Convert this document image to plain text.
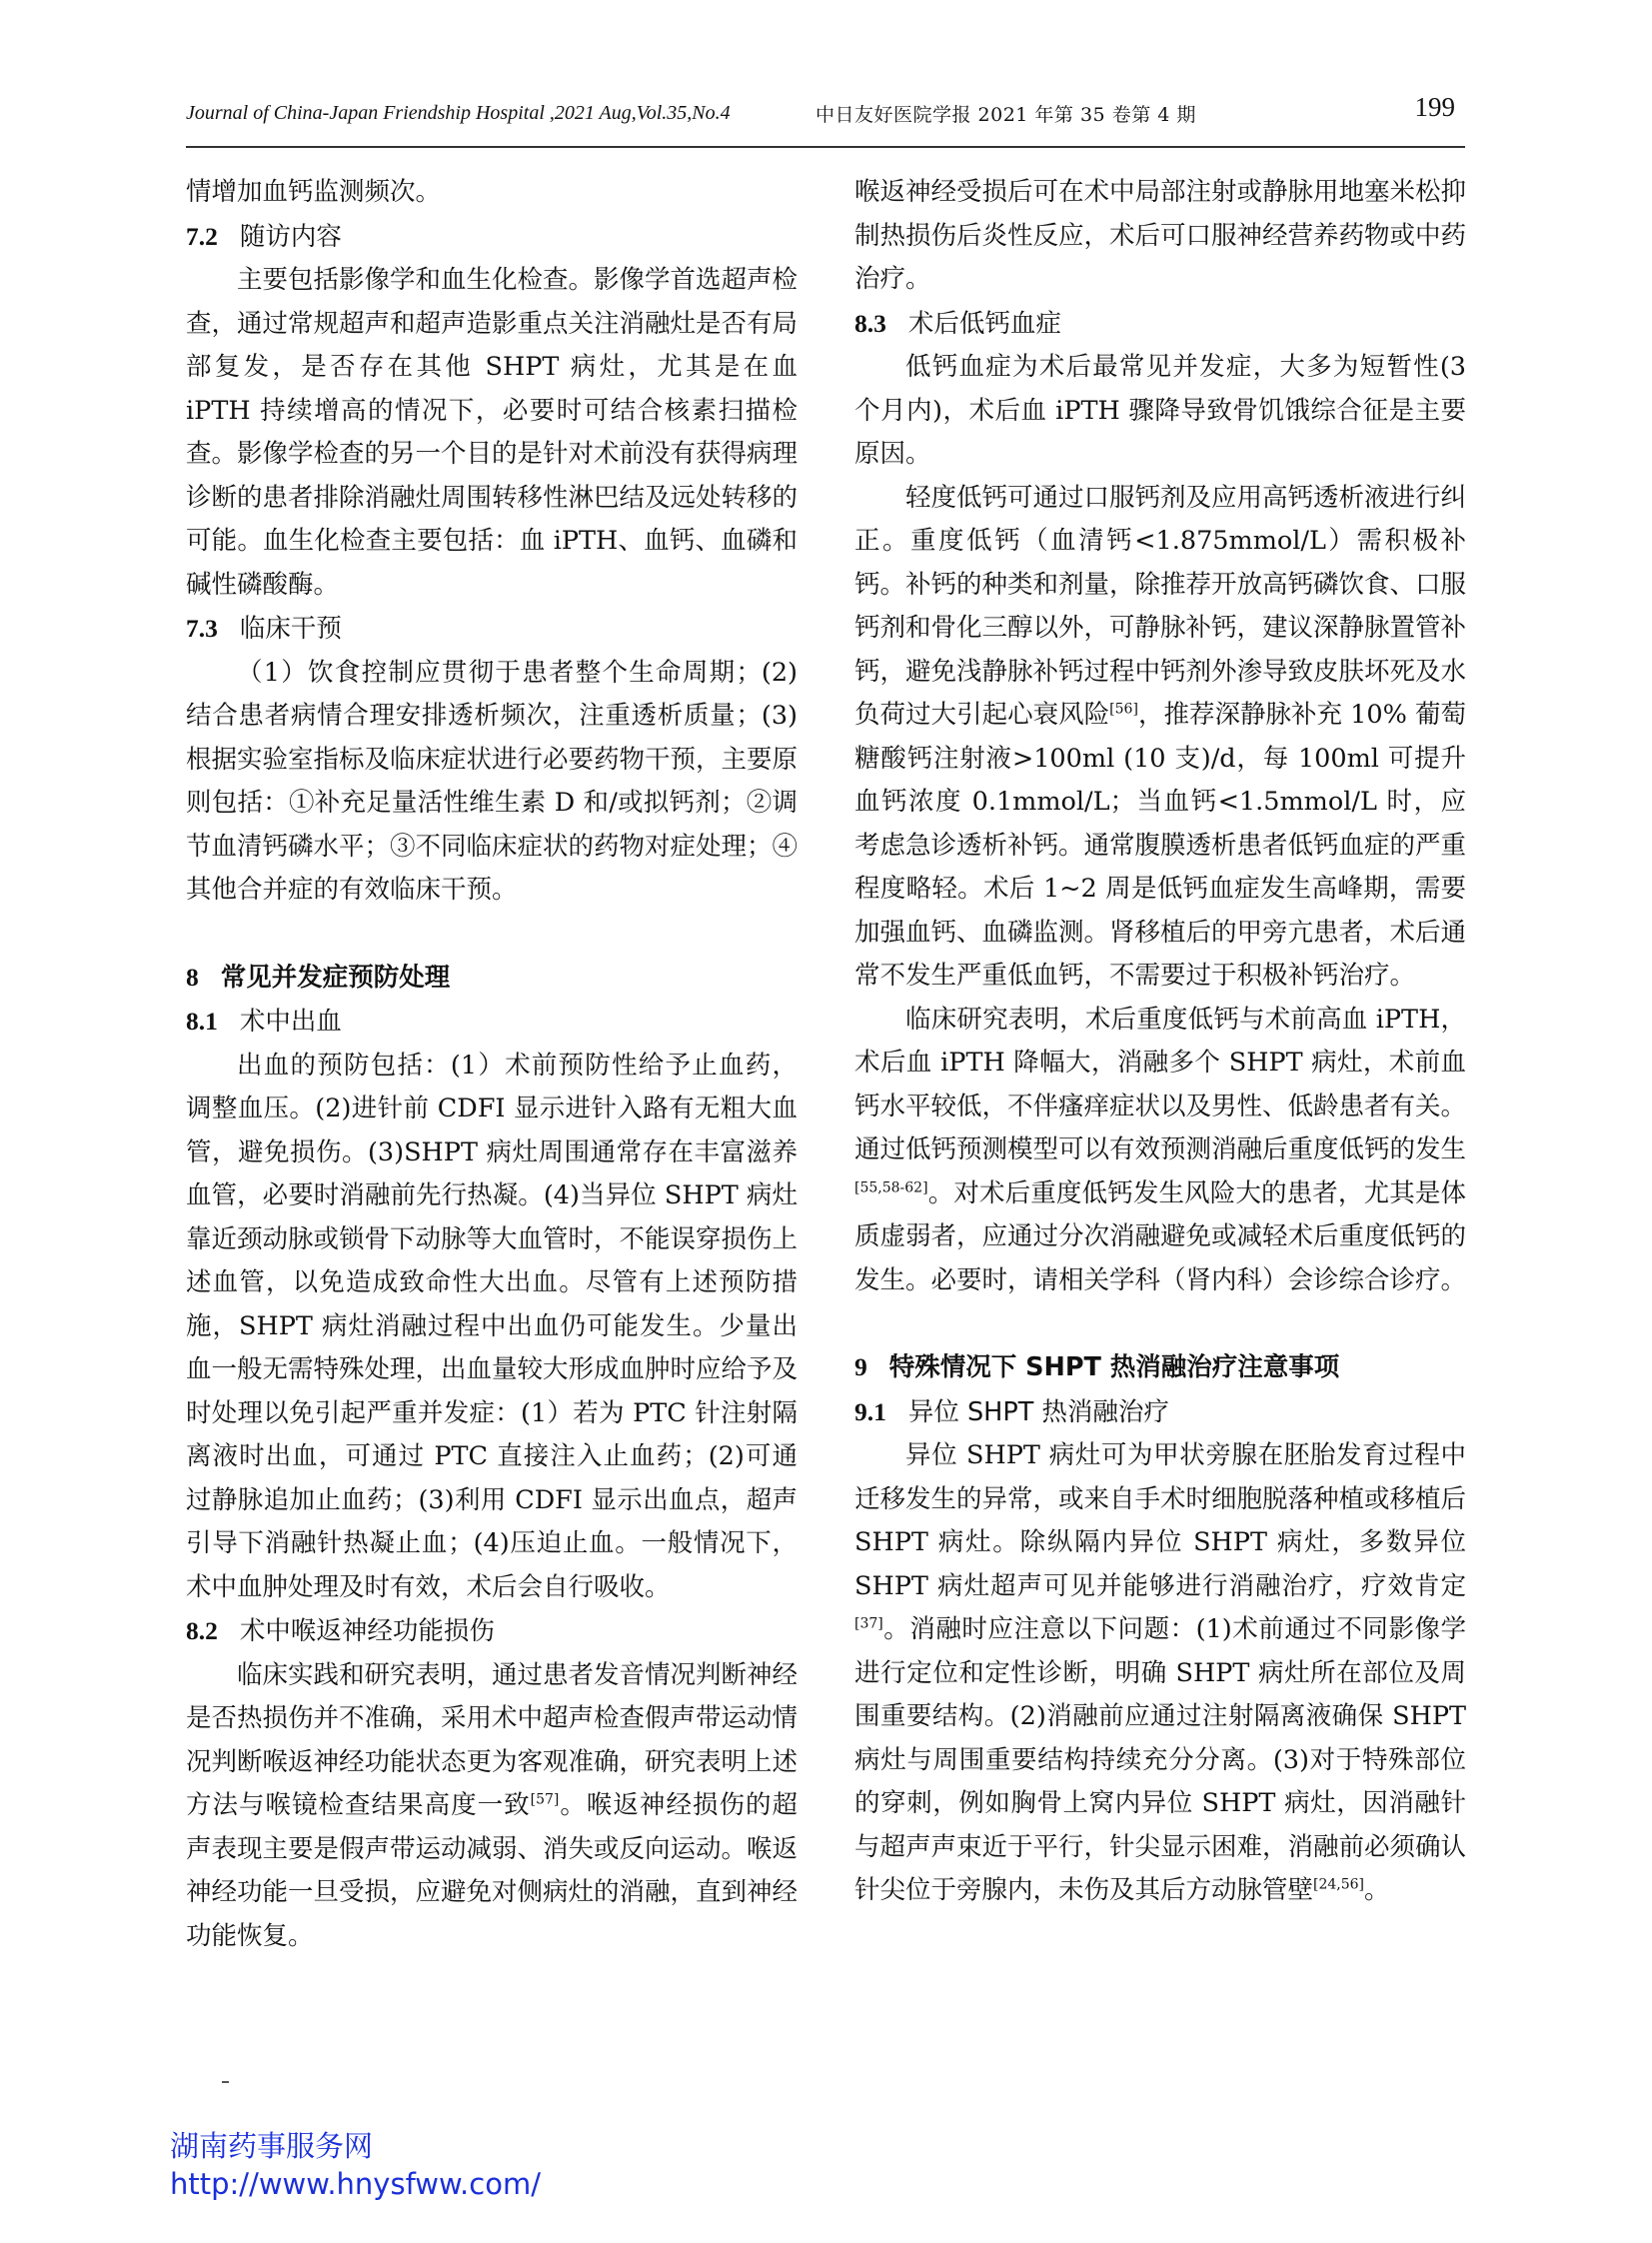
Journal of China-Japan Friendship Hospital ,2021 Aug,Vol.35,No.4	中日友好医院学报 2021 年第 35 卷第 4 期	199

情增加血钙监测频次。

7.2 随访内容

主要包括影像学和血生化检查。影像学首选超声检查，通过常规超声和超声造影重点关注消融灶是否有局部复发，是否存在其他 SHPT 病灶，尤其是在血 iPTH 持续增高的情况下，必要时可结合核素扫描检查。影像学检查的另一个目的是针对术前没有获得病理诊断的患者排除消融灶周围转移性淋巴结及远处转移的可能。血生化检查主要包括：血 iPTH、血钙、血磷和碱性磷酸酶。

7.3 临床干预

（1）饮食控制应贯彻于患者整个生命周期；(2)结合患者病情合理安排透析频次，注重透析质量；(3)根据实验室指标及临床症状进行必要药物干预，主要原则包括：①补充足量活性维生素 D 和/或拟钙剂；②调节血清钙磷水平；③不同临床症状的药物对症处理；④其他合并症的有效临床干预。

8 常见并发症预防处理
8.1 术中出血

出血的预防包括：(1）术前预防性给予止血药，调整血压。(2)进针前 CDFI 显示进针入路有无粗大血管，避免损伤。(3)SHPT 病灶周围通常存在丰富滋养血管，必要时消融前先行热凝。(4)当异位 SHPT 病灶靠近颈动脉或锁骨下动脉等大血管时，不能误穿损伤上述血管，以免造成致命性大出血。尽管有上述预防措施，SHPT 病灶消融过程中出血仍可能发生。少量出血一般无需特殊处理，出血量较大形成血肿时应给予及时处理以免引起严重并发症：(1）若为 PTC 针注射隔离液时出血，可通过 PTC 直接注入止血药；(2)可通过静脉追加止血药；(3)利用 CDFI 显示出血点，超声引导下消融针热凝止血；(4)压迫止血。一般情况下，术中血肿处理及时有效，术后会自行吸收。

8.2 术中喉返神经功能损伤

临床实践和研究表明，通过患者发音情况判断神经是否热损伤并不准确，采用术中超声检查假声带运动情况判断喉返神经功能状态更为客观准确，研究表明上述方法与喉镜检查结果高度一致[57]。喉返神经损伤的超声表现主要是假声带运动减弱、消失或反向运动。喉返神经功能一旦受损，应避免对侧病灶的消融，直到神经功能恢复。

喉返神经受损后可在术中局部注射或静脉用地塞米松抑制热损伤后炎性反应，术后可口服神经营养药物或中药治疗。

8.3 术后低钙血症

低钙血症为术后最常见并发症，大多为短暂性(3 个月内)，术后血 iPTH 骤降导致骨饥饿综合征是主要原因。

轻度低钙可通过口服钙剂及应用高钙透析液进行纠正。重度低钙（血清钙<1.875mmol/L）需积极补钙。补钙的种类和剂量，除推荐开放高钙磷饮食、口服钙剂和骨化三醇以外，可静脉补钙，建议深静脉置管补钙，避免浅静脉补钙过程中钙剂外渗导致皮肤坏死及水负荷过大引起心衰风险[56]，推荐深静脉补充 10% 葡萄糖酸钙注射液>100ml (10 支)/d，每 100ml 可提升血钙浓度 0.1mmol/L；当血钙<1.5mmol/L 时，应考虑急诊透析补钙。通常腹膜透析患者低钙血症的严重程度略轻。术后 1~2 周是低钙血症发生高峰期，需要加强血钙、血磷监测。肾移植后的甲旁亢患者，术后通常不发生严重低血钙，不需要过于积极补钙治疗。

临床研究表明，术后重度低钙与术前高血 iPTH，术后血 iPTH 降幅大，消融多个 SHPT 病灶，术前血钙水平较低，不伴瘙痒症状以及男性、低龄患者有关。通过低钙预测模型可以有效预测消融后重度低钙的发生[55,58-62]。对术后重度低钙发生风险大的患者，尤其是体质虚弱者，应通过分次消融避免或减轻术后重度低钙的发生。必要时，请相关学科（肾内科）会诊综合诊疗。

9 特殊情况下 SHPT 热消融治疗注意事项
9.1 异位 SHPT 热消融治疗

异位 SHPT 病灶可为甲状旁腺在胚胎发育过程中迁移发生的异常，或来自手术时细胞脱落种植或移植后 SHPT 病灶。除纵隔内异位 SHPT 病灶，多数异位 SHPT 病灶超声可见并能够进行消融治疗，疗效肯定[37]。消融时应注意以下问题：(1)术前通过不同影像学进行定位和定性诊断，明确 SHPT 病灶所在部位及周围重要结构。(2)消融前应通过注射隔离液确保 SHPT 病灶与周围重要结构持续充分分离。(3)对于特殊部位的穿刺，例如胸骨上窝内异位 SHPT 病灶，因消融针与超声声束近于平行，针尖显示困难，消融前必须确认针尖位于旁腺内，未伤及其后方动脉管壁[24,56]。

湖南药事服务网
http://www.hnysfww.com/
